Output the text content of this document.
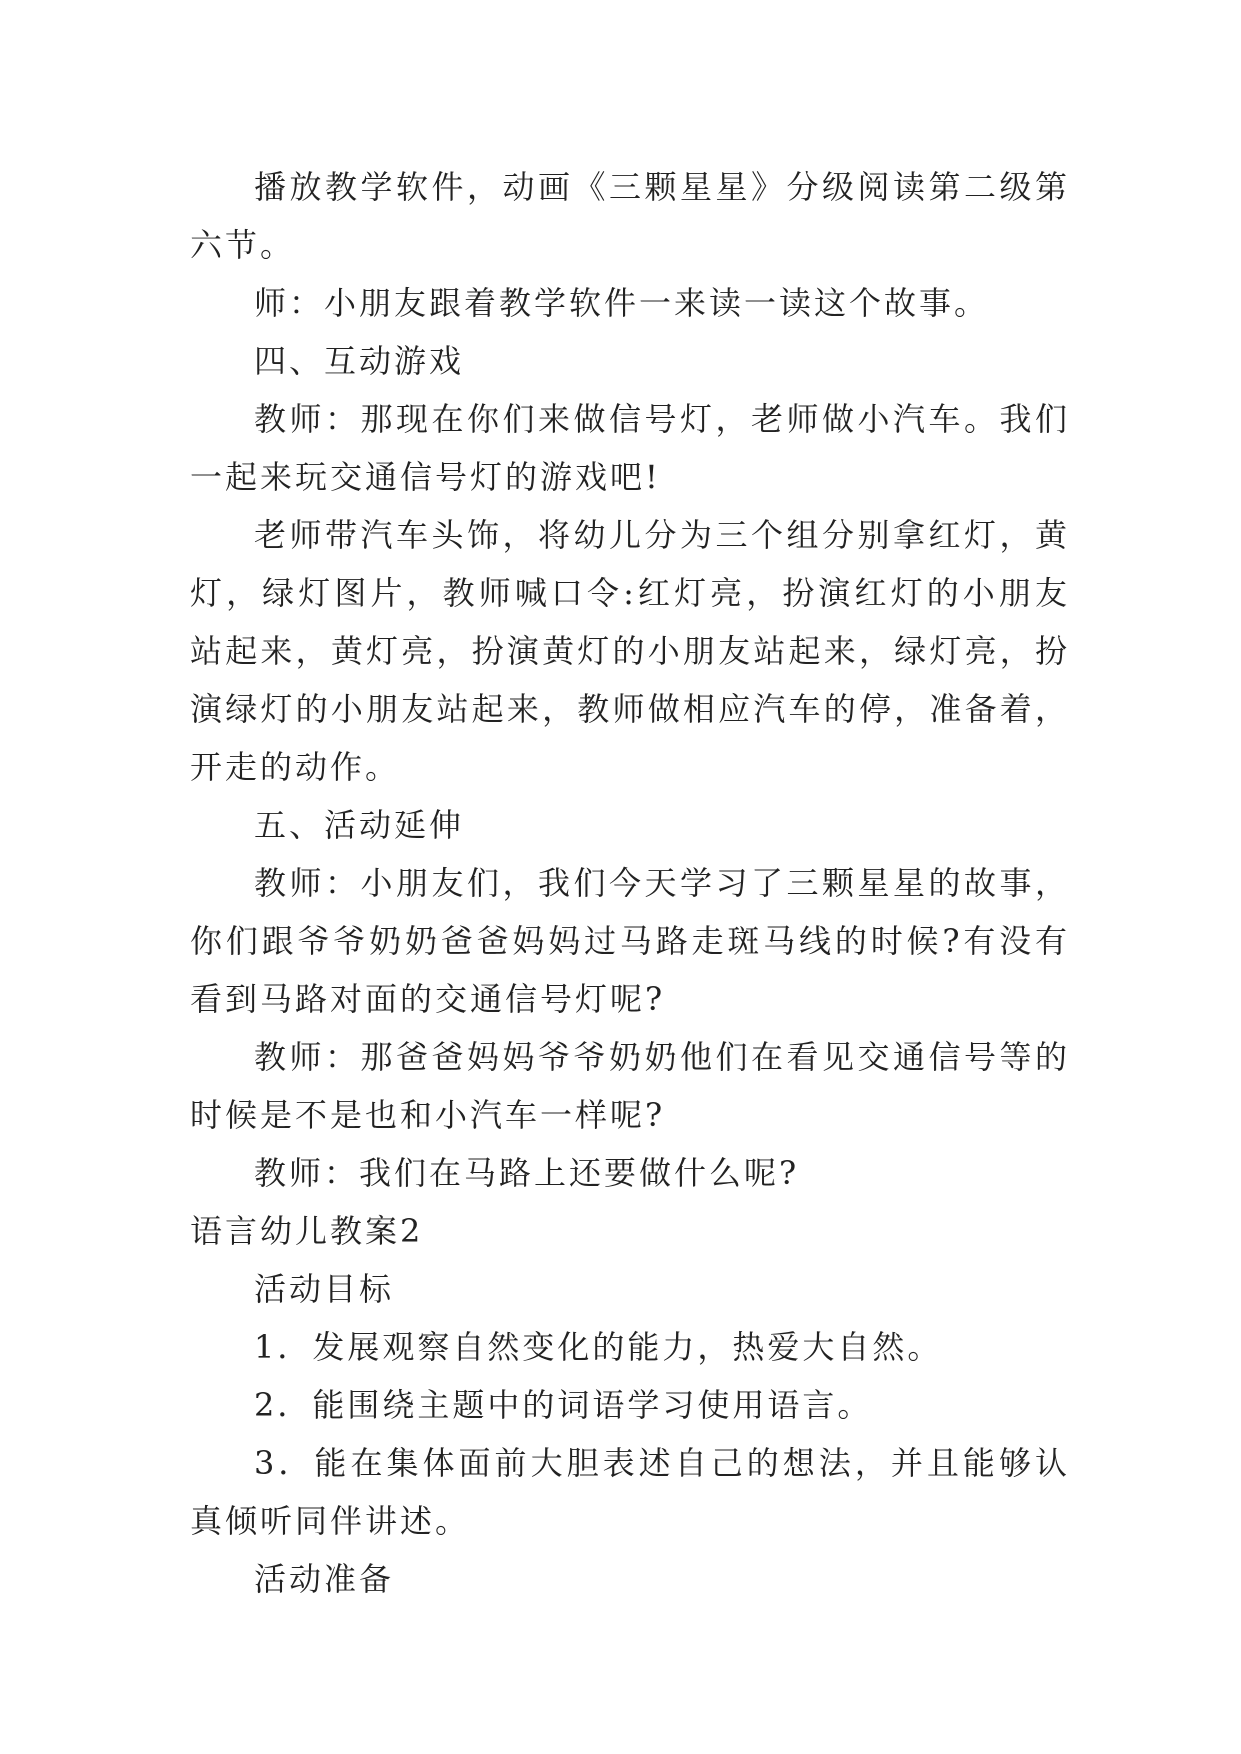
播放教学软件，动画《三颗星星》分级阅读第二级第六节。

师：小朋友跟着教学软件一来读一读这个故事。

四、互动游戏

教师：那现在你们来做信号灯，老师做小汽车。我们一起来玩交通信号灯的游戏吧!

老师带汽车头饰，将幼儿分为三个组分别拿红灯，黄灯，绿灯图片，教师喊口令:红灯亮，扮演红灯的小朋友站起来，黄灯亮，扮演黄灯的小朋友站起来，绿灯亮，扮演绿灯的小朋友站起来，教师做相应汽车的停，准备着，开走的动作。

五、活动延伸

教师：小朋友们，我们今天学习了三颗星星的故事，你们跟爷爷奶奶爸爸妈妈过马路走斑马线的时候?有没有看到马路对面的交通信号灯呢?

教师：那爸爸妈妈爷爷奶奶他们在看见交通信号等的时候是不是也和小汽车一样呢?

教师：我们在马路上还要做什么呢?

语言幼儿教案2

活动目标

1．发展观察自然变化的能力，热爱大自然。

2．能围绕主题中的词语学习使用语言。

3．能在集体面前大胆表述自己的想法，并且能够认真倾听同伴讲述。

活动准备
